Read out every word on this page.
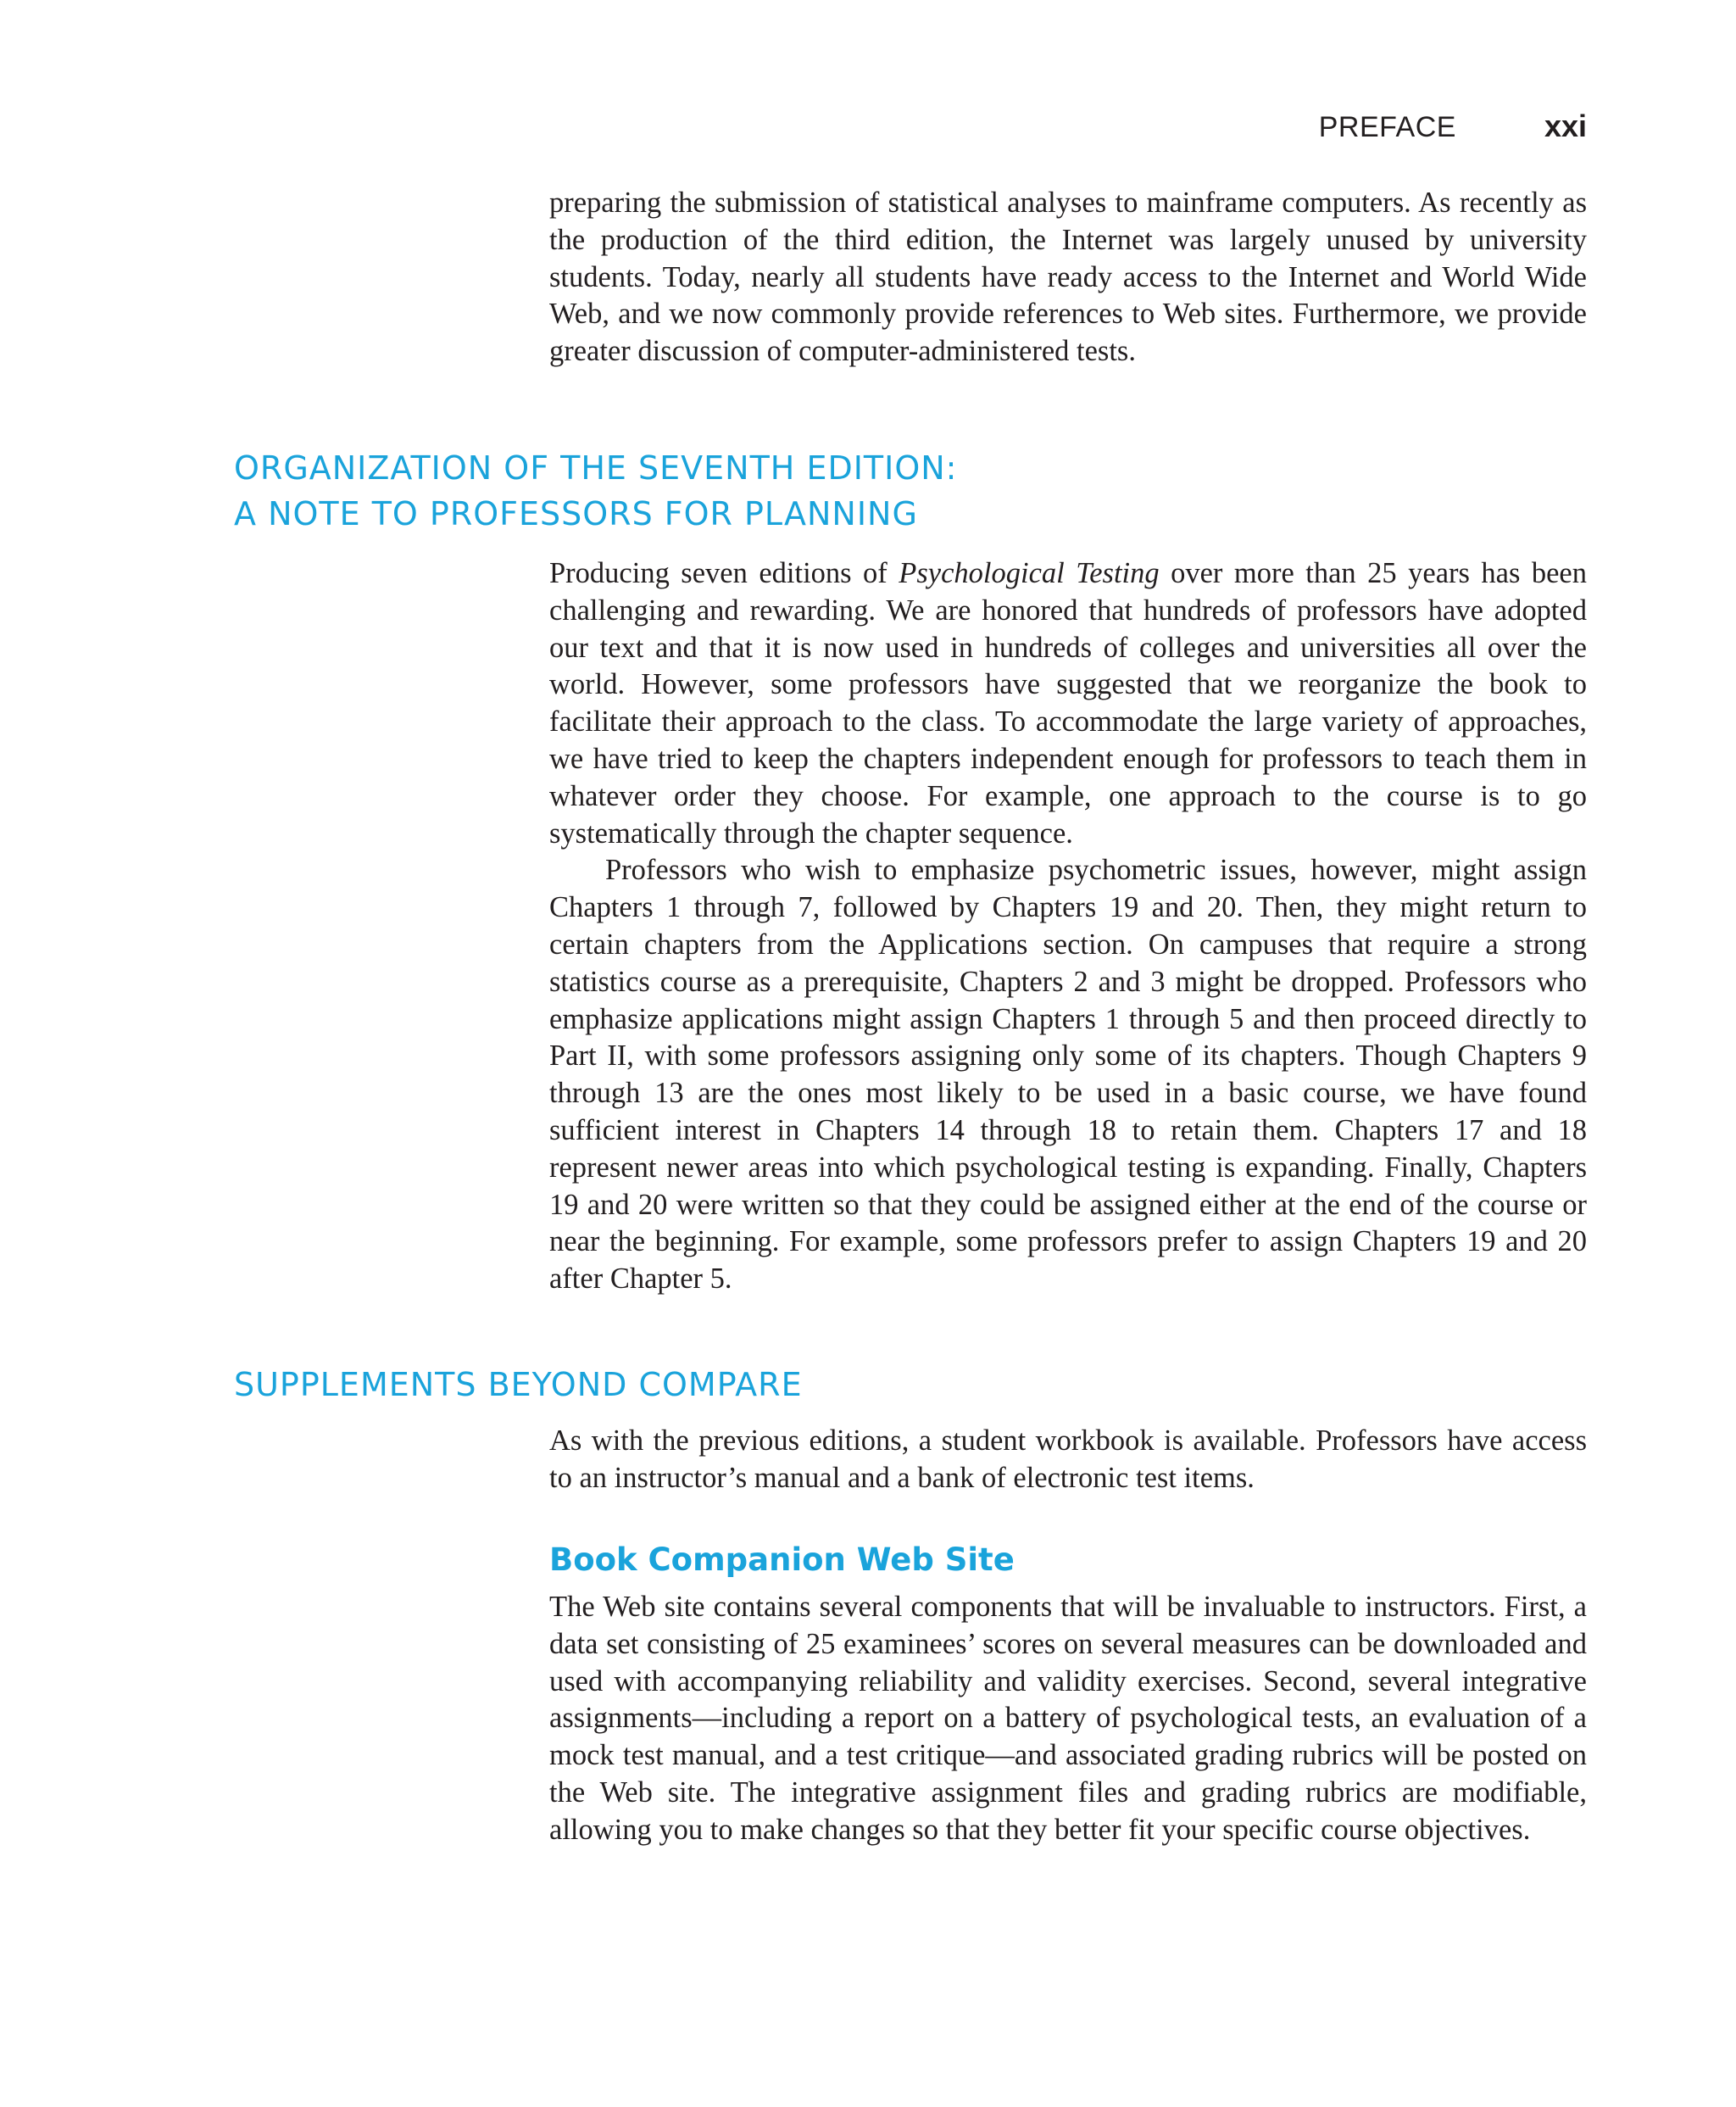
PREFACE	xxi

preparing the submission of statistical analyses to mainframe computers. As recently as the production of the third edition, the Internet was largely unused by university students. Today, nearly all students have ready access to the Internet and World Wide Web, and we now commonly provide references to Web sites. Furthermore, we provide greater discussion of computer-administered tests.

ORGANIZATION OF THE SEVENTH EDITION:
A NOTE TO PROFESSORS FOR PLANNING

Producing seven editions of Psychological Testing over more than 25 years has been challenging and rewarding. We are honored that hundreds of professors have adopted our text and that it is now used in hundreds of colleges and universities all over the world. However, some professors have suggested that we reorganize the book to facilitate their approach to the class. To accommodate the large variety of approaches, we have tried to keep the chapters independent enough for professors to teach them in whatever order they choose. For example, one approach to the course is to go systematically through the chapter sequence.

Professors who wish to emphasize psychometric issues, however, might assign Chapters 1 through 7, followed by Chapters 19 and 20. Then, they might return to certain chapters from the Applications section. On campuses that require a strong statistics course as a prerequisite, Chapters 2 and 3 might be dropped. Professors who emphasize applications might assign Chapters 1 through 5 and then proceed directly to Part II, with some professors assigning only some of its chapters. Though Chapters 9 through 13 are the ones most likely to be used in a basic course, we have found sufficient interest in Chapters 14 through 18 to retain them. Chapters 17 and 18 represent newer areas into which psychological testing is expanding. Finally, Chapters 19 and 20 were written so that they could be assigned either at the end of the course or near the beginning. For example, some professors prefer to assign Chapters 19 and 20 after Chapter 5.

SUPPLEMENTS BEYOND COMPARE

As with the previous editions, a student workbook is available. Professors have access to an instructor’s manual and a bank of electronic test items.

Book Companion Web Site

The Web site contains several components that will be invaluable to instructors. First, a data set consisting of 25 examinees’ scores on several measures can be downloaded and used with accompanying reliability and validity exercises. Second, several integrative assignments—including a report on a battery of psychological tests, an evaluation of a mock test manual, and a test critique—and associated grading rubrics will be posted on the Web site. The integrative assignment files and grading rubrics are modifiable, allowing you to make changes so that they better fit your specific course objectives.
